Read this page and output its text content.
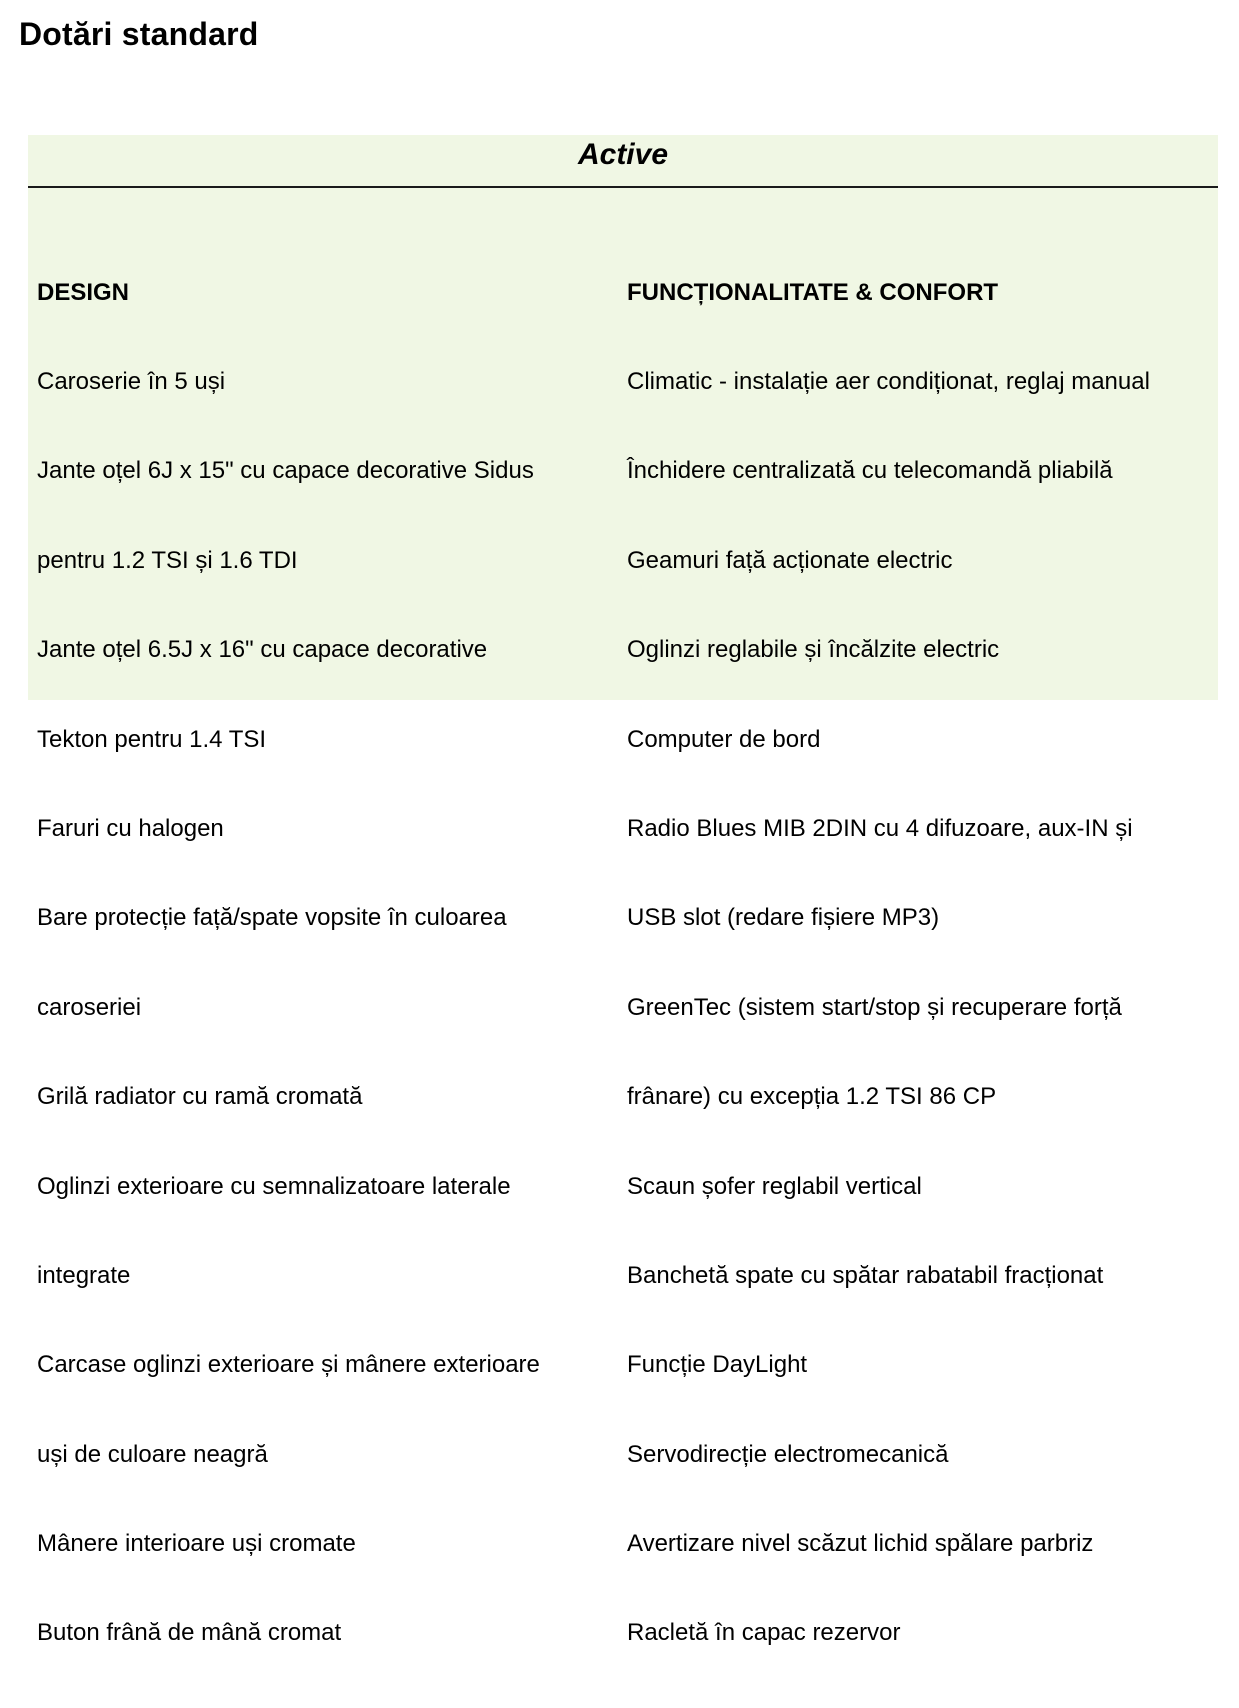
Dotări standard
Active

DESIGN

Caroserie în 5 uși

Jante oțel 6J x 15" cu capace decorative Sidus

pentru 1.2 TSI și 1.6 TDI

Jante oțel 6.5J x 16" cu capace decorative

Tekton pentru 1.4 TSI

Faruri cu halogen

Bare protecție față/spate vopsite în culoarea

caroseriei

Grilă radiator cu ramă cromată

Oglinzi exterioare cu semnalizatoare laterale

integrate

Carcase oglinzi exterioare și mânere exterioare

uși de culoare neagră

Mânere interioare uși cromate

Buton frână de mână cromat

FUNCȚIONALITATE & CONFORT

Climatic - instalație aer condiționat, reglaj manual

Închidere centralizată cu telecomandă pliabilă

Geamuri față acționate electric

Oglinzi reglabile și încălzite electric

Computer de bord

Radio Blues MIB 2DIN cu 4 difuzoare, aux-IN și

USB slot (redare fișiere MP3)

GreenTec (sistem start/stop și recuperare forță

frânare) cu excepția 1.2 TSI 86 CP

Scaun șofer reglabil vertical

Banchetă spate cu spătar rabatabil fracționat

Funcție DayLight

Servodirecție electromecanică

Avertizare nivel scăzut lichid spălare parbriz

Racletă în capac rezervor
